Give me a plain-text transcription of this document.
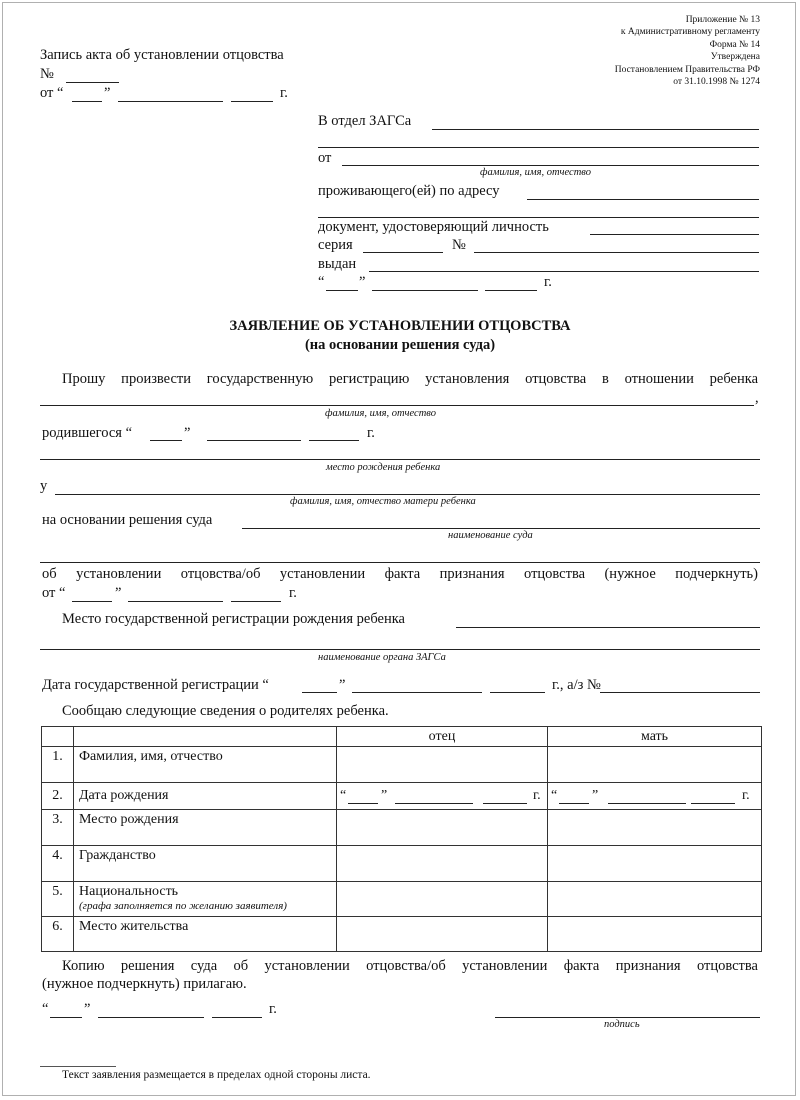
Приложение № 13
к Административному регламенту
Форма № 14
Утверждена
Постановлением Правительства РФ
от 31.10.1998 № 1274
Запись акта об установлении отцовства
№
от “	”	г.
В отдел ЗАГСа
от
фамилия, имя, отчество
проживающего(ей) по адресу
документ, удостоверяющий личность
серия	№
выдан
“ ”	г.
ЗАЯВЛЕНИЕ ОБ УСТАНОВЛЕНИИ ОТЦОВСТВА
(на основании решения суда)
Прошу произвести государственную регистрацию установления отцовства в отношении ребенка
,
фамилия, имя, отчество
родившегося “	”	г.
место рождения ребенка
у
фамилия, имя, отчество матери ребенка
на основании решения суда
наименование суда
об установлении отцовства/об установлении факта признания отцовства (нужное подчеркнуть)
от “	”	г.
Место государственной регистрации рождения ребенка
наименование органа ЗАГСа
Дата государственной регистрации “	”	г., а/з №
Сообщаю следующие сведения о родителях ребенка.
		отец	мать
1.	Фамилия, имя, отчество		
2.	Дата рождения	“ ” г.	“ ” г.

3.	Место рождения		
4.	Гражданство		
5.	Национальность
(графа заполняется по желанию заявителя)		

6.	Место жительства		
Копию решения суда об установлении отцовства/об установлении факта признания отцовства
(нужное подчеркнуть) прилагаю.
“ ”	г.
подпись
Текст заявления размещается в пределах одной стороны листа.
